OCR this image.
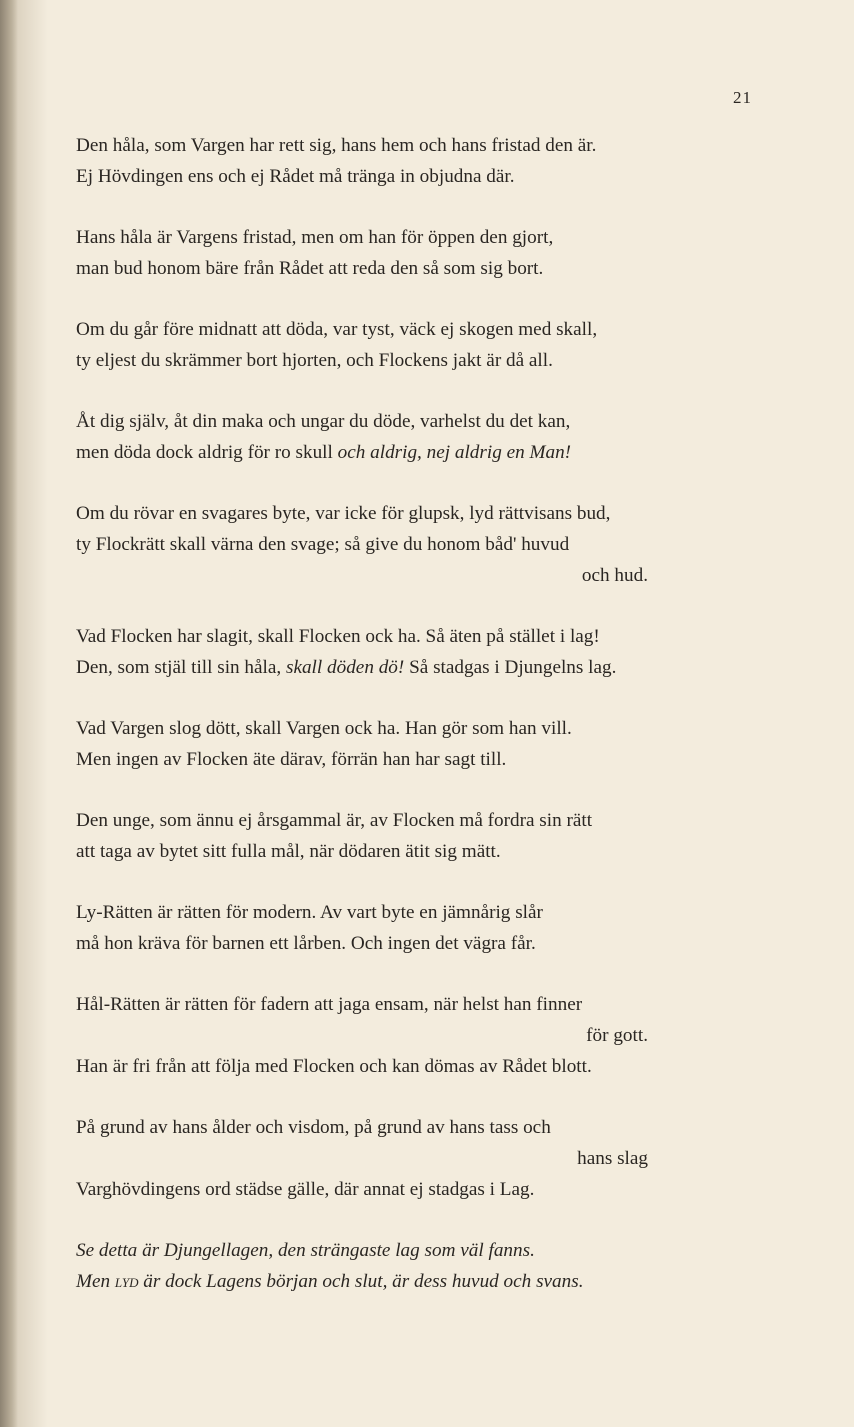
21
Den håla, som Vargen har rett sig, hans hem och hans fristad den är.
Ej Hövdingen ens och ej Rådet må tränga in objudna där.
Hans håla är Vargens fristad, men om han för öppen den gjort,
man bud honom bäre från Rådet att reda den så som sig bort.
Om du går före midnatt att döda, var tyst, väck ej skogen med skall,
ty eljest du skrämmer bort hjorten, och Flockens jakt är då all.
Åt dig själv, åt din maka och ungar du döde, varhelst du det kan,
men döda dock aldrig för ro skull och aldrig, nej aldrig en Man!
Om du rövar en svagares byte, var icke för glupsk, lyd rättvisans bud,
ty Flockrätt skall värna den svage; så give du honom båd' huvud
och hud.
Vad Flocken har slagit, skall Flocken ock ha. Så äten på stället i lag!
Den, som stjäl till sin håla, skall döden dö! Så stadgas i Djungelns lag.
Vad Vargen slog dött, skall Vargen ock ha. Han gör som han vill.
Men ingen av Flocken äte därav, förrän han har sagt till.
Den unge, som ännu ej årsgammal är, av Flocken må fordra sin rätt
att taga av bytet sitt fulla mål, när dödaren ätit sig mätt.
Ly-Rätten är rätten för modern. Av vart byte en jämnårig slår
må hon kräva för barnen ett lårben. Och ingen det vägra får.
Hål-Rätten är rätten för fadern att jaga ensam, när helst han finner
för gott.
Han är fri från att följa med Flocken och kan dömas av Rådet blott.
På grund av hans ålder och visdom, på grund av hans tass och
hans slag
Varghövdingens ord städse gälle, där annat ej stadgas i Lag.
Se detta är Djungellagen, den strängaste lag som väl fanns.
Men lyd är dock Lagens början och slut, är dess huvud och svans.
